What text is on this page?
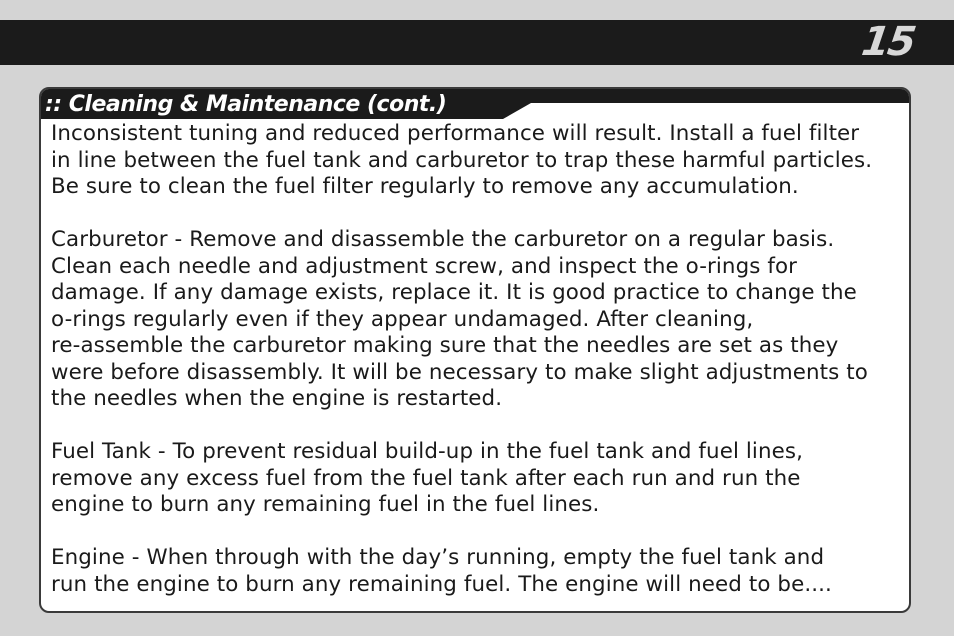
15
:: Cleaning & Maintenance (cont.)

Inconsistent tuning and reduced performance will result. Install a fuel filter
in line between the fuel tank and carburetor to trap these harmful particles.
Be sure to clean the fuel filter regularly to remove any accumulation.

Carburetor - Remove and disassemble the carburetor on a regular basis.
Clean each needle and adjustment screw, and inspect the o-rings for
damage. If any damage exists, replace it. It is good practice to change the
o-rings regularly even if they appear undamaged. After cleaning,
re-assemble the carburetor making sure that the needles are set as they
were before disassembly. It will be necessary to make slight adjustments to
the needles when the engine is restarted.

Fuel Tank - To prevent residual build-up in the fuel tank and fuel lines,
remove any excess fuel from the fuel tank after each run and run the
engine to burn any remaining fuel in the fuel lines.

Engine - When through with the day’s running, empty the fuel tank and
run the engine to burn any remaining fuel. The engine will need to be....
